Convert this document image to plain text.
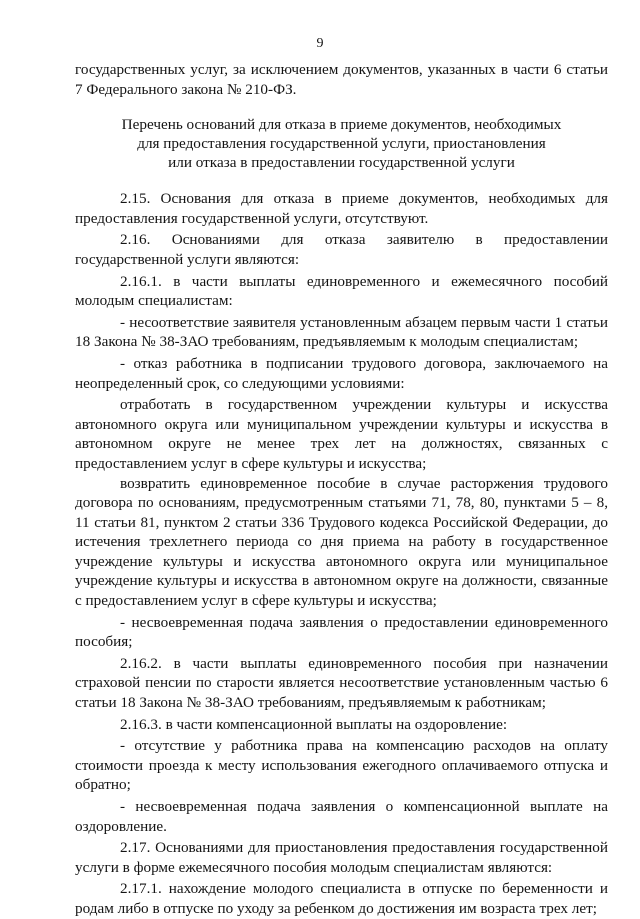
9

государственных услуг, за исключением документов, указанных в части 6 статьи 7 Федерального закона № 210-ФЗ.

Перечень оснований для отказа в приеме документов, необходимых
для предоставления государственной услуги, приостановления
или отказа в предоставлении государственной услуги

2.15. Основания для отказа в приеме документов, необходимых для предоставления государственной услуги, отсутствуют.

2.16. Основаниями для отказа заявителю в предоставлении государственной услуги являются:

2.16.1. в части выплаты единовременного и ежемесячного пособий молодым специалистам:

- несоответствие заявителя установленным абзацем первым части 1 статьи 18 Закона № 38-ЗАО требованиям, предъявляемым к молодым специалистам;

- отказ работника в подписании трудового договора, заключаемого на неопределенный срок, со следующими условиями:

отработать в государственном учреждении культуры и искусства автономного округа или муниципальном учреждении культуры и искусства в автономном округе не менее трех лет на должностях, связанных с предоставлением услуг в сфере культуры и искусства;

возвратить единовременное пособие в случае расторжения трудового договора по основаниям, предусмотренным статьями 71, 78, 80, пунктами 5 – 8, 11 статьи 81, пунктом 2 статьи 336 Трудового кодекса Российской Федерации, до истечения трехлетнего периода со дня приема на работу в государственное учреждение культуры и искусства автономного округа или муниципальное учреждение культуры и искусства в автономном округе на должности, связанные с предоставлением услуг в сфере культуры и искусства;

- несвоевременная подача заявления о предоставлении единовременного пособия;

2.16.2. в части выплаты единовременного пособия при назначении страховой пенсии по старости является несоответствие установленным частью 6 статьи 18 Закона № 38-ЗАО требованиям, предъявляемым к работникам;

2.16.3. в части компенсационной выплаты на оздоровление:

- отсутствие у работника права на компенсацию расходов на оплату стоимости проезда к месту использования ежегодного оплачиваемого отпуска и обратно;

- несвоевременная подача заявления о компенсационной выплате на оздоровление.

2.17. Основаниями для приостановления предоставления государственной услуги в форме ежемесячного пособия молодым специалистам являются:

2.17.1. нахождение молодого специалиста в отпуске по беременности и родам либо в отпуске по уходу за ребенком до достижения им возраста трех лет;
